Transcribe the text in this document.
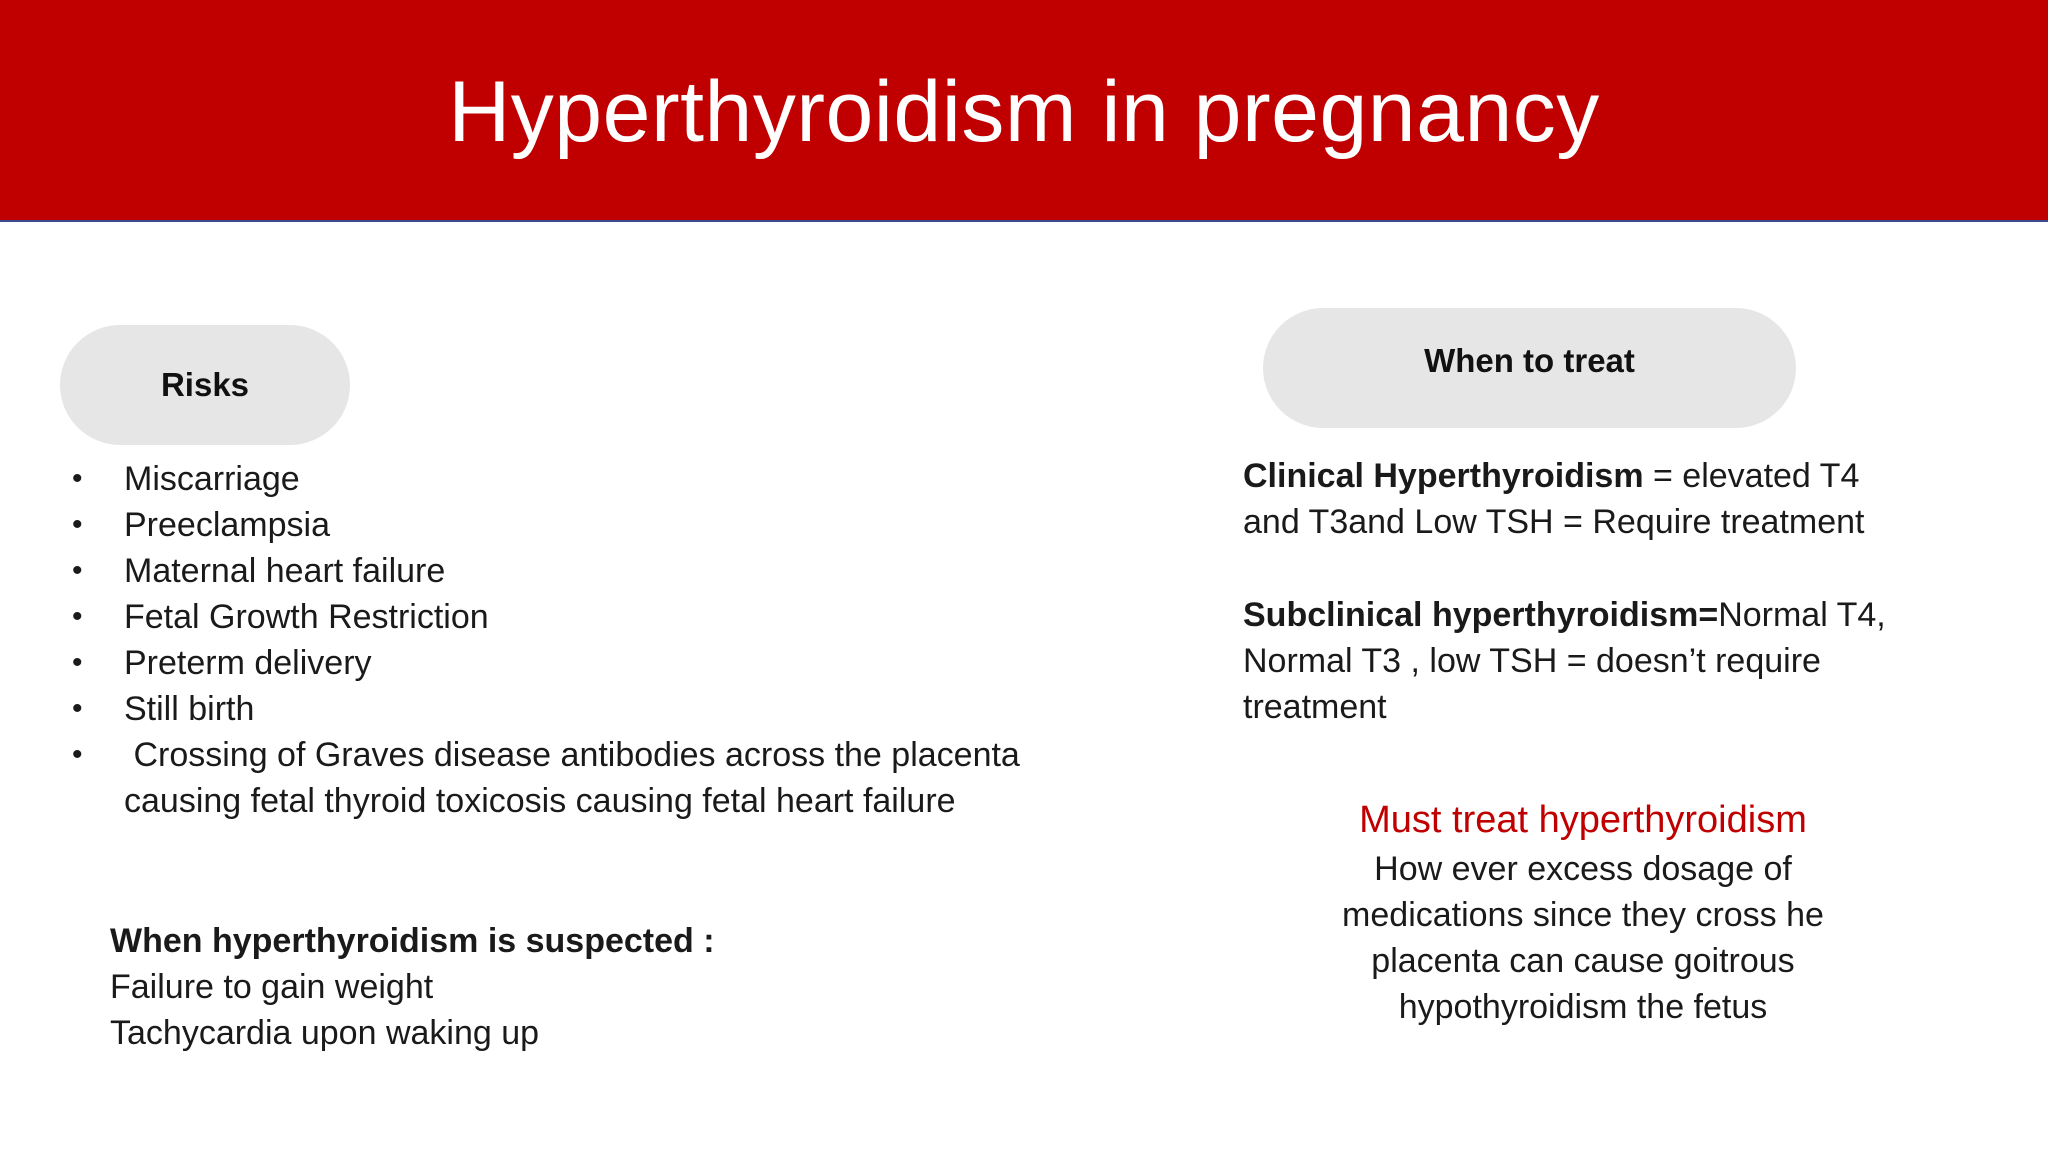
Hyperthyroidism in pregnancy
Risks
• Miscarriage
• Preeclampsia
• Maternal heart failure
• Fetal Growth Restriction
• Preterm delivery
• Still birth
• Crossing of Graves disease antibodies across the placenta causing fetal thyroid toxicosis causing fetal heart failure
When hyperthyroidism is suspected :
Failure to gain weight
Tachycardia upon waking up
When to treat
Clinical Hyperthyroidism = elevated T4 and T3and Low TSH = Require treatment
Subclinical hyperthyroidism=Normal T4, Normal T3 , low TSH = doesn’t require treatment
Must treat hyperthyroidism
How ever excess dosage of
medications since they cross he
placenta can cause goitrous
hypothyroidism the fetus
